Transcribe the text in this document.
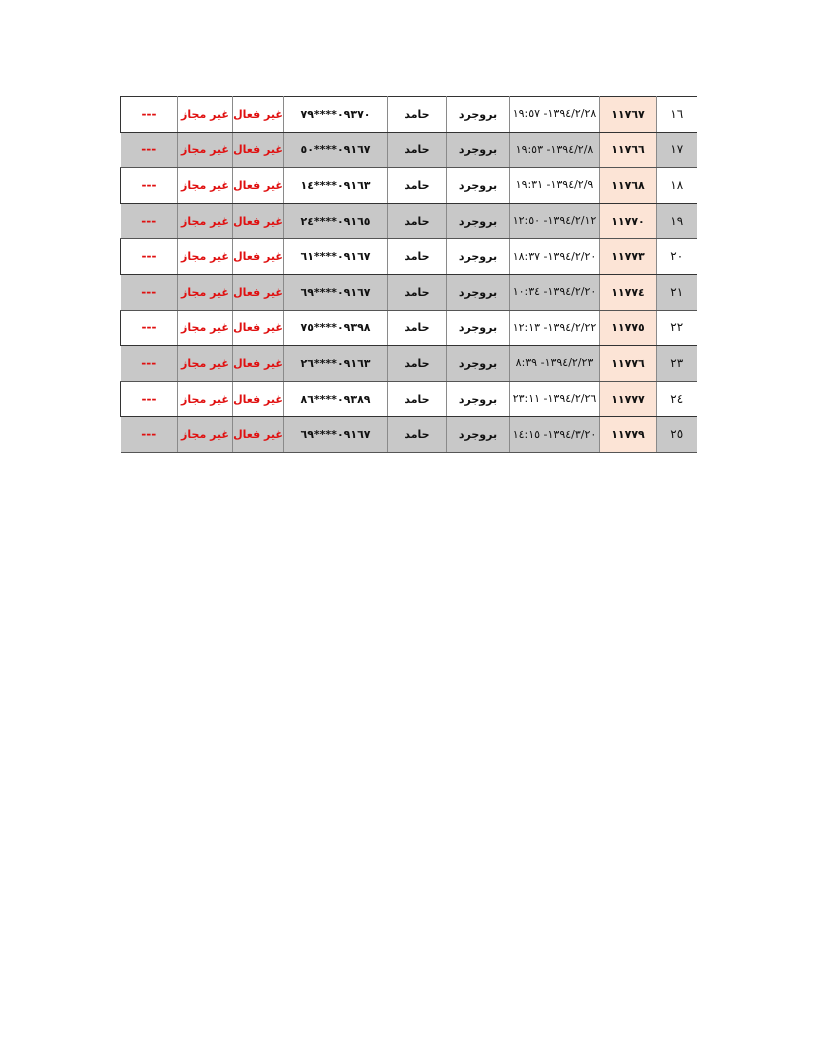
١٦	١١٧٦٧	١٣٩٤/٢/٢٨- ١٩:٥٧	بروجرد	حامد	٠٩٣٧٠****٧٩	غير فعال	غير مجاز	---
١٧	١١٧٦٦	١٣٩٤/٢/٨- ١٩:٥٣	بروجرد	حامد	٠٩١٦٧****٥٠	غير فعال	غير مجاز	---
١٨	١١٧٦٨	١٣٩٤/٢/٩- ١٩:٣١	بروجرد	حامد	٠٩١٦٣****١٤	غير فعال	غير مجاز	---
١٩	١١٧٧٠	١٣٩٤/٢/١٢- ١٢:٥٠	بروجرد	حامد	٠٩١٦٥****٢٤	غير فعال	غير مجاز	---
٢٠	١١٧٧٣	١٣٩٤/٢/٢٠- ١٨:٣٧	بروجرد	حامد	٠٩١٦٧****٦١	غير فعال	غير مجاز	---
٢١	١١٧٧٤	١٣٩٤/٢/٢٠- ١٠:٣٤	بروجرد	حامد	٠٩١٦٧****٦٩	غير فعال	غير مجاز	---
٢٢	١١٧٧٥	١٣٩٤/٢/٢٢- ١٢:١٣	بروجرد	حامد	٠٩٣٩٨****٧٥	غير فعال	غير مجاز	---
٢٣	١١٧٧٦	١٣٩٤/٢/٢٣- ٨:٣٩	بروجرد	حامد	٠٩١٦٣****٢٦	غير فعال	غير مجاز	---
٢٤	١١٧٧٧	١٣٩٤/٢/٢٦- ٢٣:١١	بروجرد	حامد	٠٩٣٨٩****٨٦	غير فعال	غير مجاز	---
٢٥	١١٧٧٩	١٣٩٤/٣/٢٠- ١٤:١٥	بروجرد	حامد	٠٩١٦٧****٦٩	غير فعال	غير مجاز	---
